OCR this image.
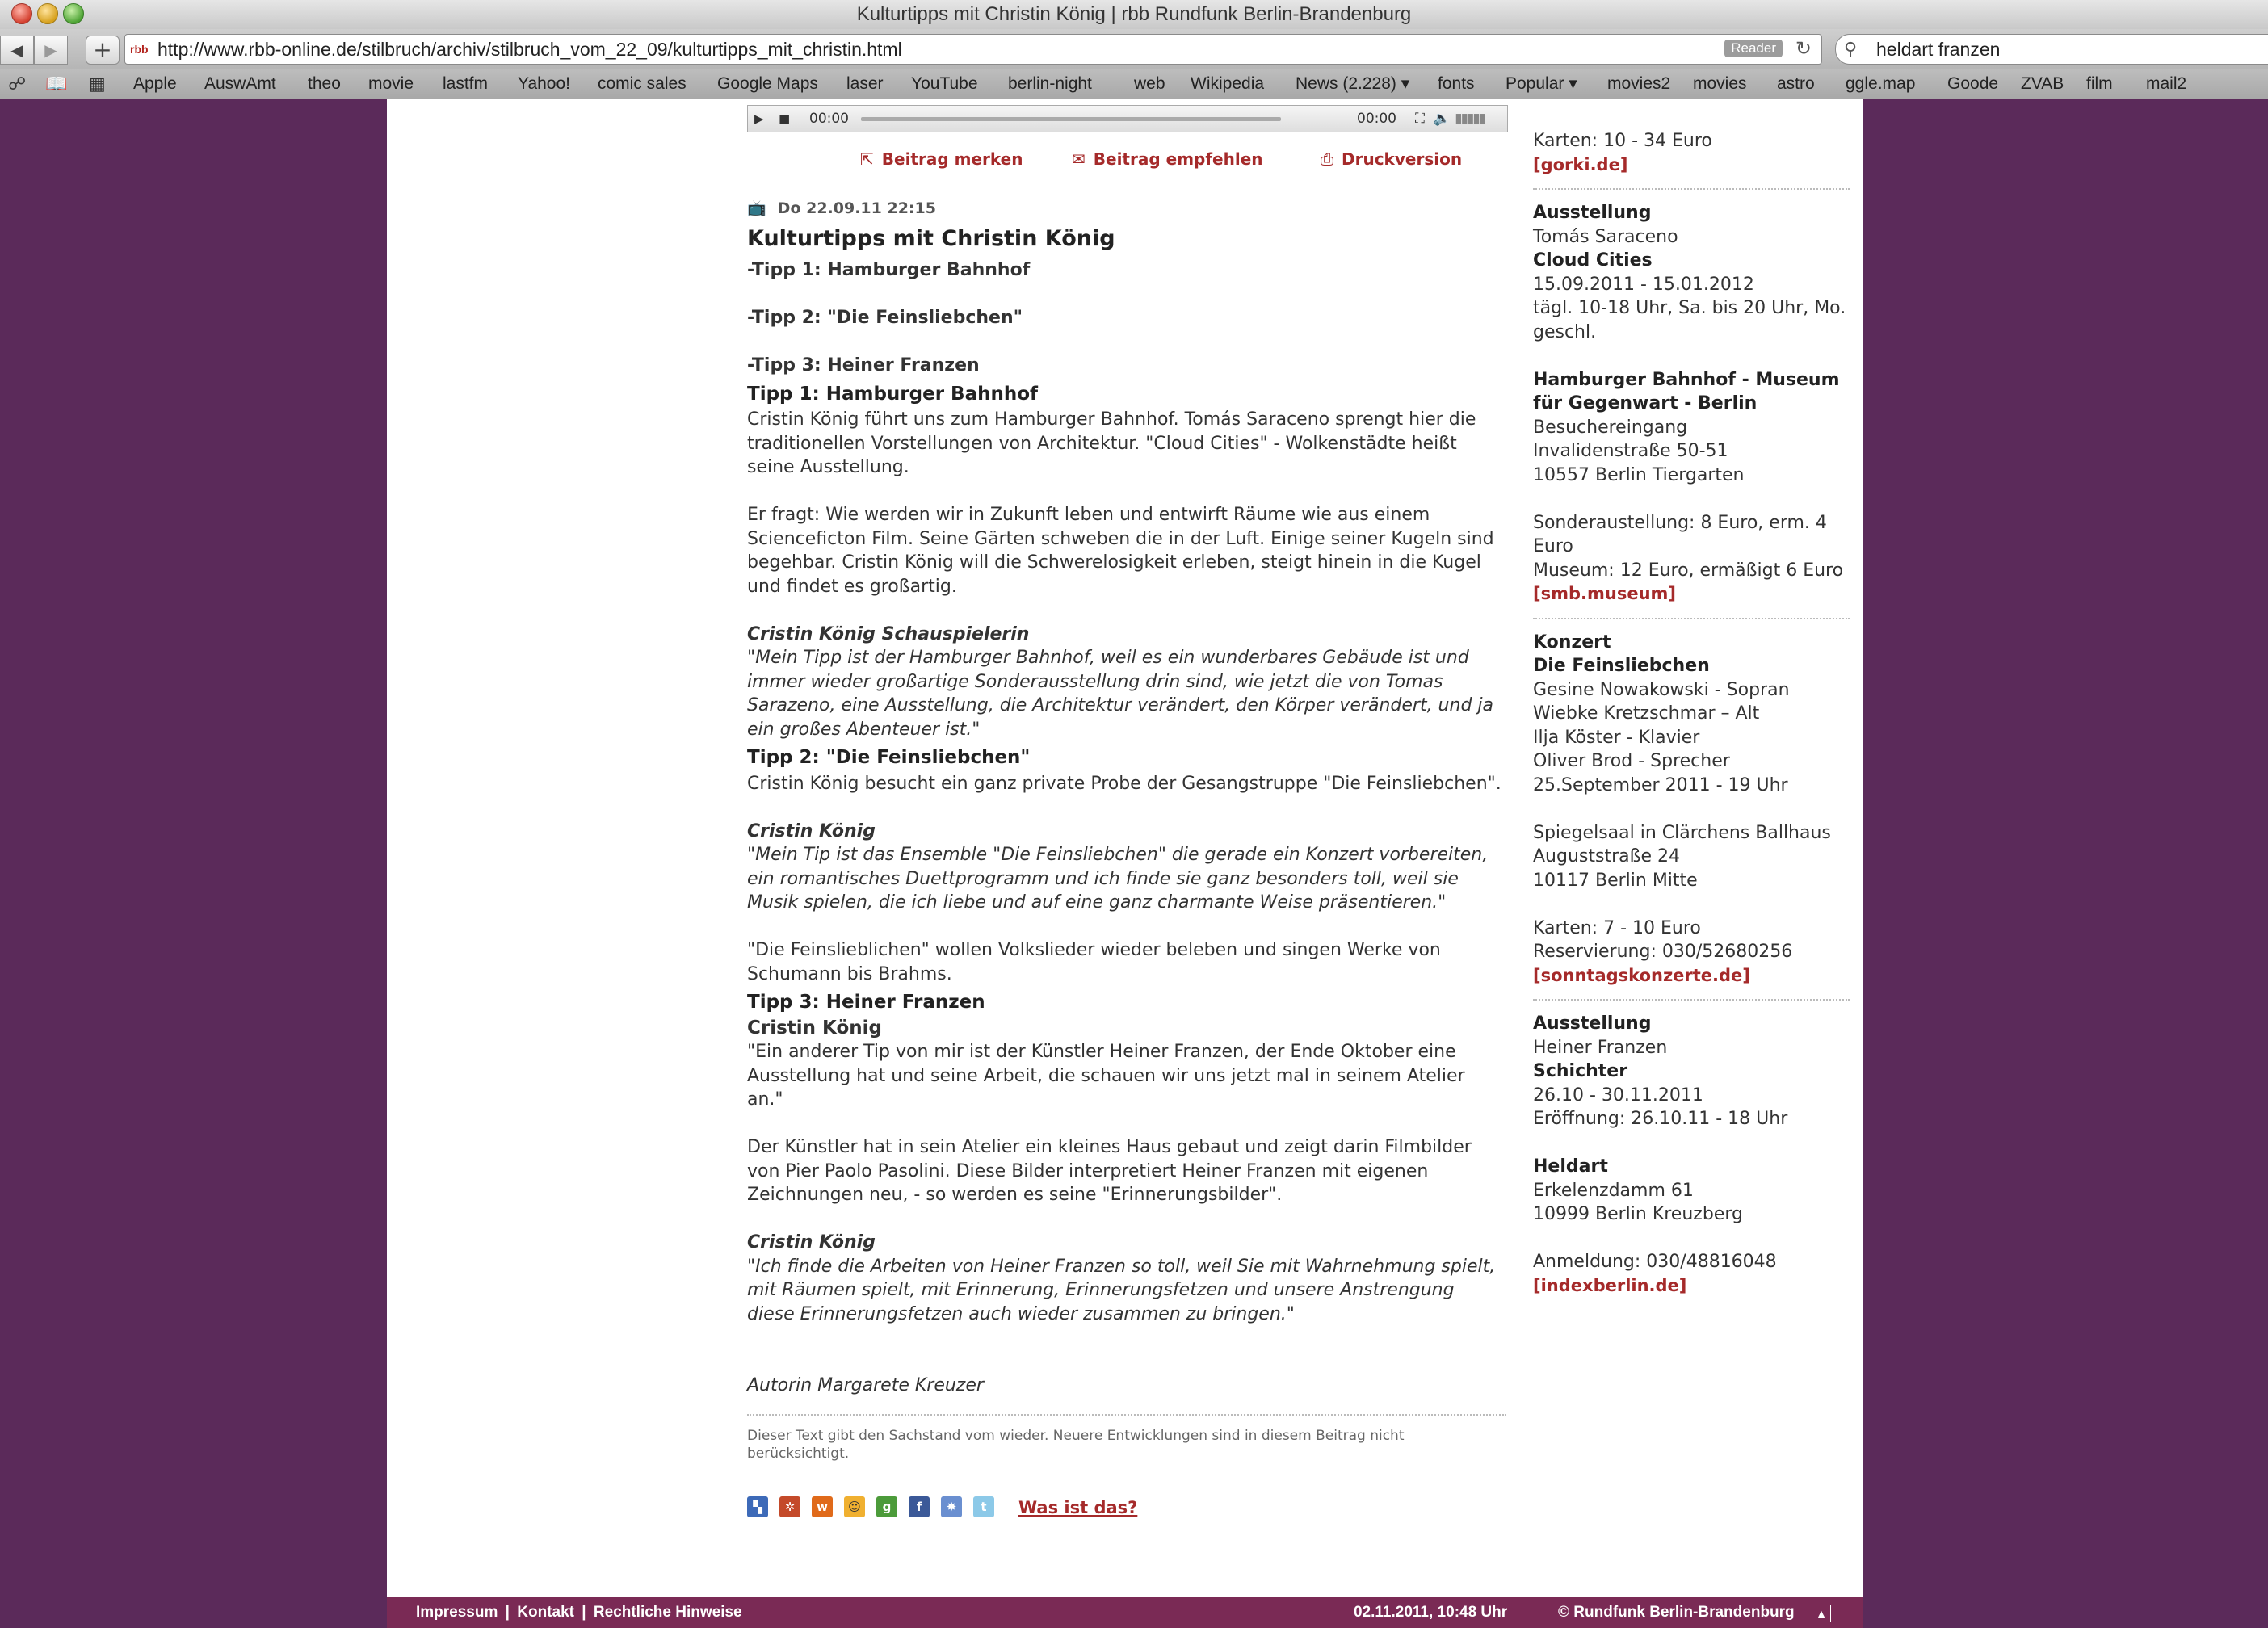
Kulturtipps mit Christin König | rbb Rundfunk Berlin-Brandenburg
◀	▶	+	rbb http://www.rbb-online.de/stilbruch/archiv/stilbruch_vom_22_09/kulturtipps_mit_christin.html	Reader ↻ ⚲ heldart franzen
☍ 📖 ▦ Apple AuswAmt theo movie lastfm Yahoo! comic sales Google Maps laser YouTube berlin-night web Wikipedia News (2.228) ▾ fonts Popular ▾ movies2 movies astro ggle.map Goode ZVAB film mail2
▶ ■ 00:00	00:00 ⛶ 🔈 ▮▮▮▮▮
⇱ Beitrag merken	✉ Beitrag empfehlen	⎙ Druckversion
📺 Do 22.09.11 22:15
Kulturtipps mit Christin König

-Tipp 1: Hamburger Bahnhof

-Tipp 2: "Die Feinsliebchen"

-Tipp 3: Heiner Franzen

Tipp 1: Hamburger Bahnhof

Cristin König führt uns zum Hamburger Bahnhof. Tomás Saraceno sprengt hier die traditionellen Vorstellungen von Architektur. "Cloud Cities" - Wolkenstädte heißt seine Ausstellung.

Er fragt: Wie werden wir in Zukunft leben und entwirft Räume wie aus einem Scienceficton Film. Seine Gärten schweben die in der Luft. Einige seiner Kugeln sind begehbar. Cristin König will die Schwerelosigkeit erleben, steigt hinein in die Kugel und findet es großartig.

Cristin König Schauspielerin

"Mein Tipp ist der Hamburger Bahnhof, weil es ein wunderbares Gebäude ist und immer wieder großartige Sonderausstellung drin sind, wie jetzt die von Tomas Sarazeno, eine Ausstellung, die Architektur verändert, den Körper verändert, und ja ein großes Abenteuer ist."

Tipp 2: "Die Feinsliebchen"

Cristin König besucht ein ganz private Probe der Gesangstruppe "Die Feinsliebchen".

Cristin König

"Mein Tip ist das Ensemble "Die Feinsliebchen" die gerade ein Konzert vorbereiten, ein romantisches Duettprogramm und ich finde sie ganz besonders toll, weil sie Musik spielen, die ich liebe und auf eine ganz charmante Weise präsentieren."

"Die Feinslieblichen" wollen Volkslieder wieder beleben und singen Werke von Schumann bis Brahms.

Tipp 3: Heiner Franzen

Cristin König

"Ein anderer Tip von mir ist der Künstler Heiner Franzen, der Ende Oktober eine Ausstellung hat und seine Arbeit, die schauen wir uns jetzt mal in seinem Atelier an."

Der Künstler hat in sein Atelier ein kleines Haus gebaut und zeigt darin Filmbilder von Pier Paolo Pasolini. Diese Bilder interpretiert Heiner Franzen mit eigenen Zeichnungen neu, - so werden es seine "Erinnerungsbilder".

Cristin König

"Ich finde die Arbeiten von Heiner Franzen so toll, weil Sie mit Wahrnehmung spielt, mit Räumen spielt, mit Erinnerung, Erinnerungsfetzen und unsere Anstrengung diese Erinnerungsfetzen auch wieder zusammen zu bringen."

Autorin Margarete Kreuzer

Dieser Text gibt den Sachstand vom wieder. Neuere Entwicklungen sind in diesem Beitrag nicht berücksichtigt.

▚	✲	w	☺	g	f	✸	t	Was ist das?

Karten: 10 - 34 Euro

[gorki.de]

Ausstellung

Tomás Saraceno

Cloud Cities

15.09.2011 - 15.01.2012

tägl. 10-18 Uhr, Sa. bis 20 Uhr, Mo. geschl.

Hamburger Bahnhof - Museum für Gegenwart - Berlin

Besuchereingang

Invalidenstraße 50-51

10557 Berlin Tiergarten

Sonderaustellung: 8 Euro, erm. 4 Euro

Museum: 12 Euro, ermäßigt 6 Euro

[smb.museum]

Konzert

Die Feinsliebchen

Gesine Nowakowski - Sopran

Wiebke Kretzschmar – Alt

Ilja Köster - Klavier

Oliver Brod - Sprecher

25.September 2011 - 19 Uhr

Spiegelsaal in Clärchens Ballhaus

Auguststraße 24

10117 Berlin Mitte

Karten: 7 - 10 Euro

Reservierung: 030/52680256

[sonntagskonzerte.de]

Ausstellung

Heiner Franzen

Schichter

26.10 - 30.11.2011

Eröffnung: 26.10.11 - 18 Uhr

Heldart

Erkelenzdamm 61

10999 Berlin Kreuzberg

Anmeldung: 030/48816048

[indexberlin.de]

Impressum | Kontakt | Rechtliche Hinweise	02.11.2011, 10:48 Uhr	© Rundfunk Berlin-Brandenburg	▲
